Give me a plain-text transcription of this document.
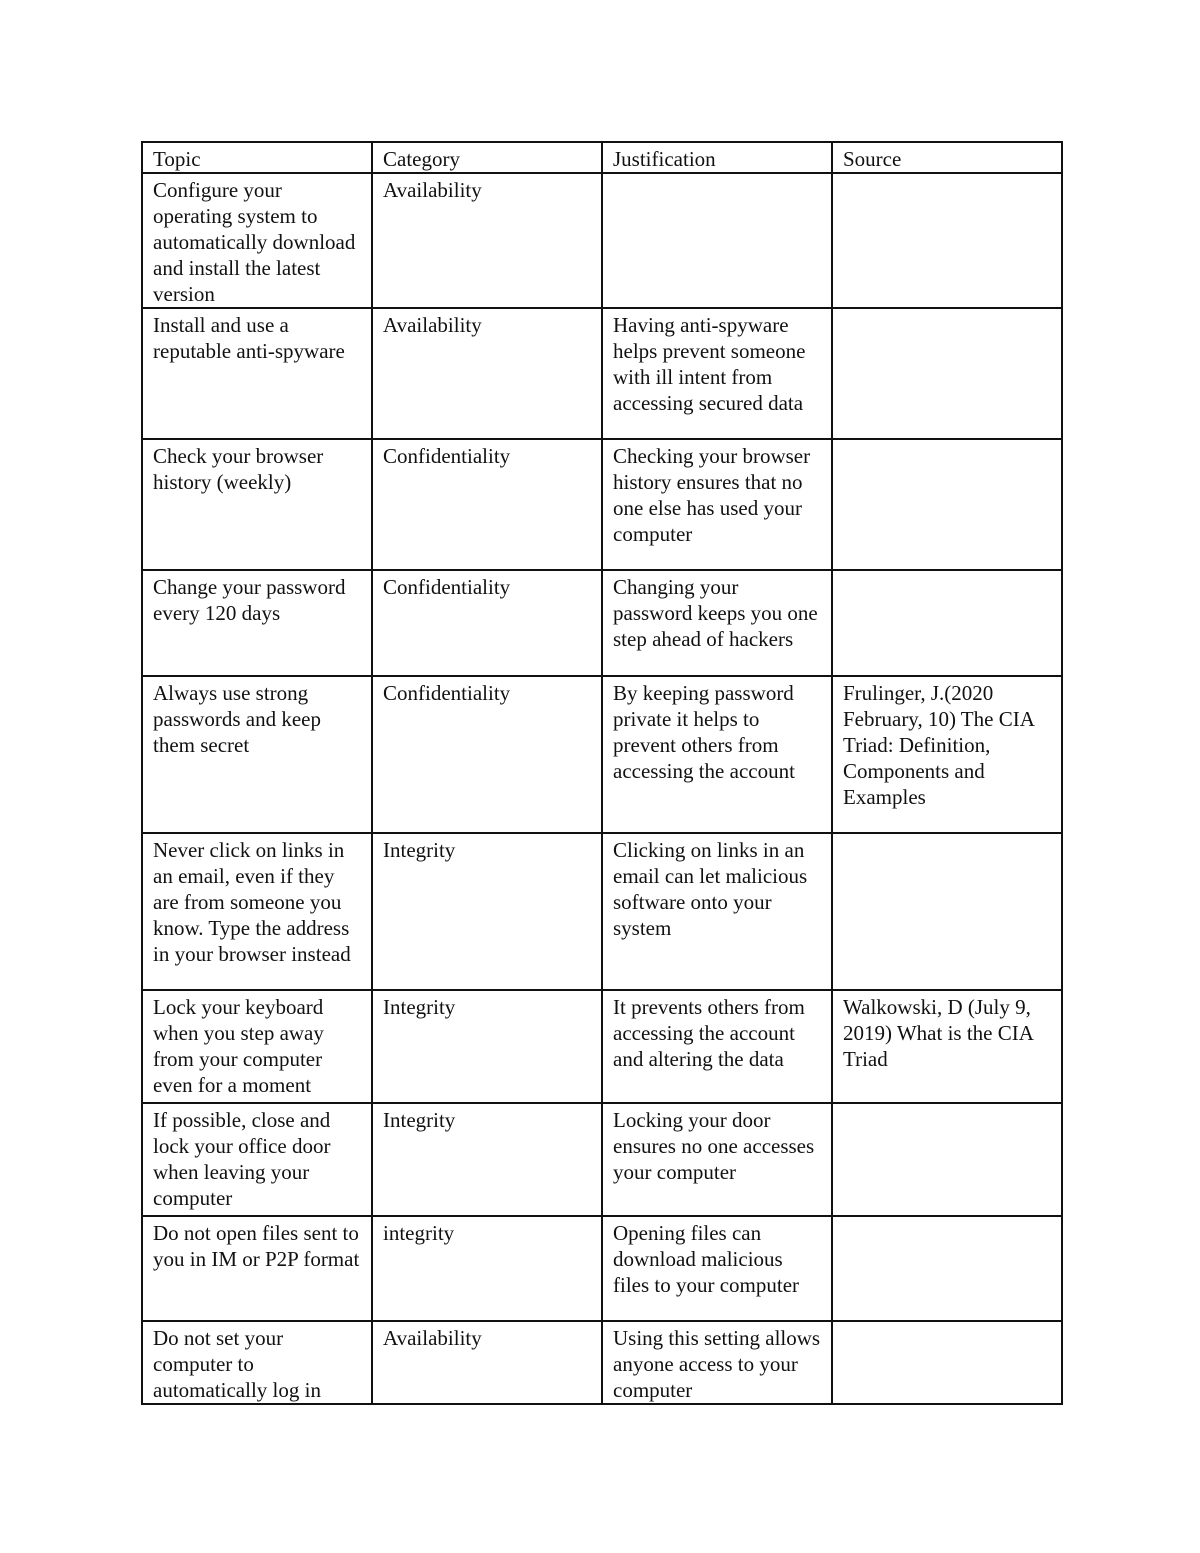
Topic	Category	Justification	Source
Configure your operating system to automatically download and install the latest version	Availability		
Install and use a reputable anti-spyware	Availability	Having anti-spyware helps prevent someone with ill intent from accessing secured data	
Check your browser history (weekly)	Confidentiality	Checking your browser history ensures that no one else has used your computer	
Change your password every 120 days	Confidentiality	Changing your password keeps you one step ahead of hackers	
Always use strong passwords and keep them secret	Confidentiality	By keeping password private it helps to prevent others from accessing the account	Frulinger, J.(2020 February, 10) The CIA Triad: Definition, Components and Examples
Never click on links in an email, even if they are from someone you know. Type the address in your browser instead	Integrity	Clicking on links in an email can let malicious software onto your system	
Lock your keyboard when you step away from your computer even for a moment	Integrity	It prevents others from accessing the account and altering the data	Walkowski, D (July 9, 2019) What is the CIA Triad
If possible, close and lock your office door when leaving your computer	Integrity	Locking your door ensures no one accesses your computer	
Do not open files sent to you in IM or P2P format	integrity	Opening files can download malicious files to your computer	
Do not set your computer to automatically log in	Availability	Using this setting allows anyone access to your computer	
